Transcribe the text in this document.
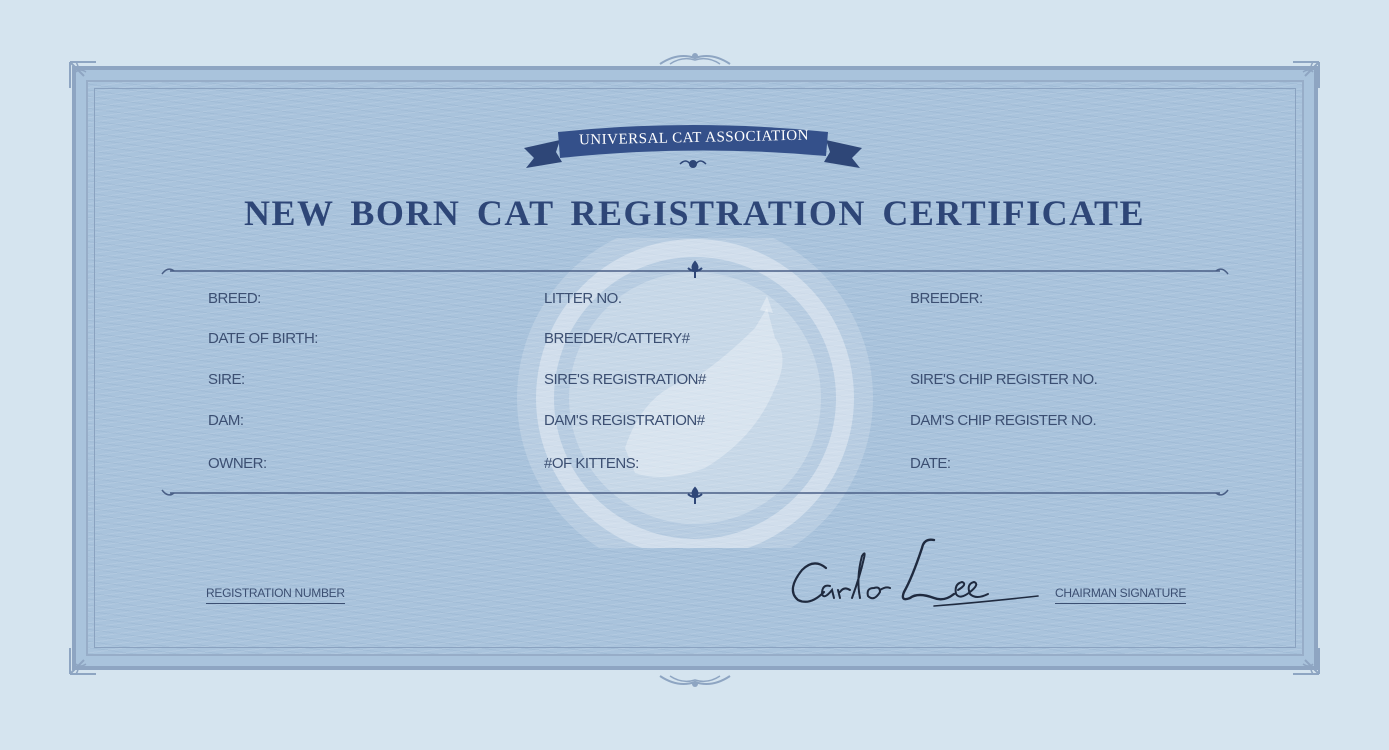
UNIVERSAL CAT ASSOCIATION
NEW BORN CAT REGISTRATION CERTIFICATE
BREED:
DATE OF BIRTH:
SIRE:
DAM:
OWNER:
LITTER NO.
BREEDER/CATTERY#
SIRE'S REGISTRATION#
DAM'S REGISTRATION#
#OF KITTENS:
BREEDER:
SIRE'S CHIP REGISTER NO.
DAM'S CHIP REGISTER NO.
DATE:
REGISTRATION NUMBER	CHAIRMAN SIGNATURE
